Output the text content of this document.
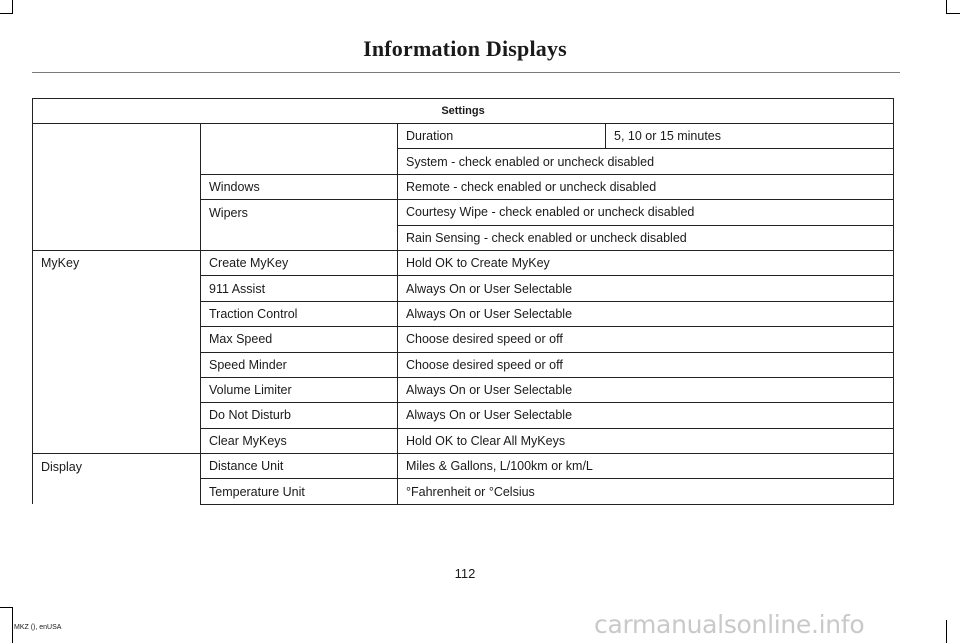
Information Displays
Settings			
		Duration	5, 10 or 15 minutes
		System - check enabled or uncheck disabled	
	Windows	Remote - check enabled or uncheck disabled	
	Wipers	Courtesy Wipe - check enabled or uncheck disabled	
		Rain Sensing - check enabled or uncheck disabled	
MyKey	Create MyKey	Hold OK to Create MyKey	
	911 Assist	Always On or User Selectable	
	Traction Control	Always On or User Selectable	
	Max Speed	Choose desired speed or off	
	Speed Minder	Choose desired speed or off	
	Volume Limiter	Always On or User Selectable	
	Do Not Disturb	Always On or User Selectable	
	Clear MyKeys	Hold OK to Clear All MyKeys	
Display	Distance Unit	Miles & Gallons, L/100km or km/L	
	Temperature Unit	°Fahrenheit or °Celsius	
112
MKZ (), enUSA	carmanualsonline.info
